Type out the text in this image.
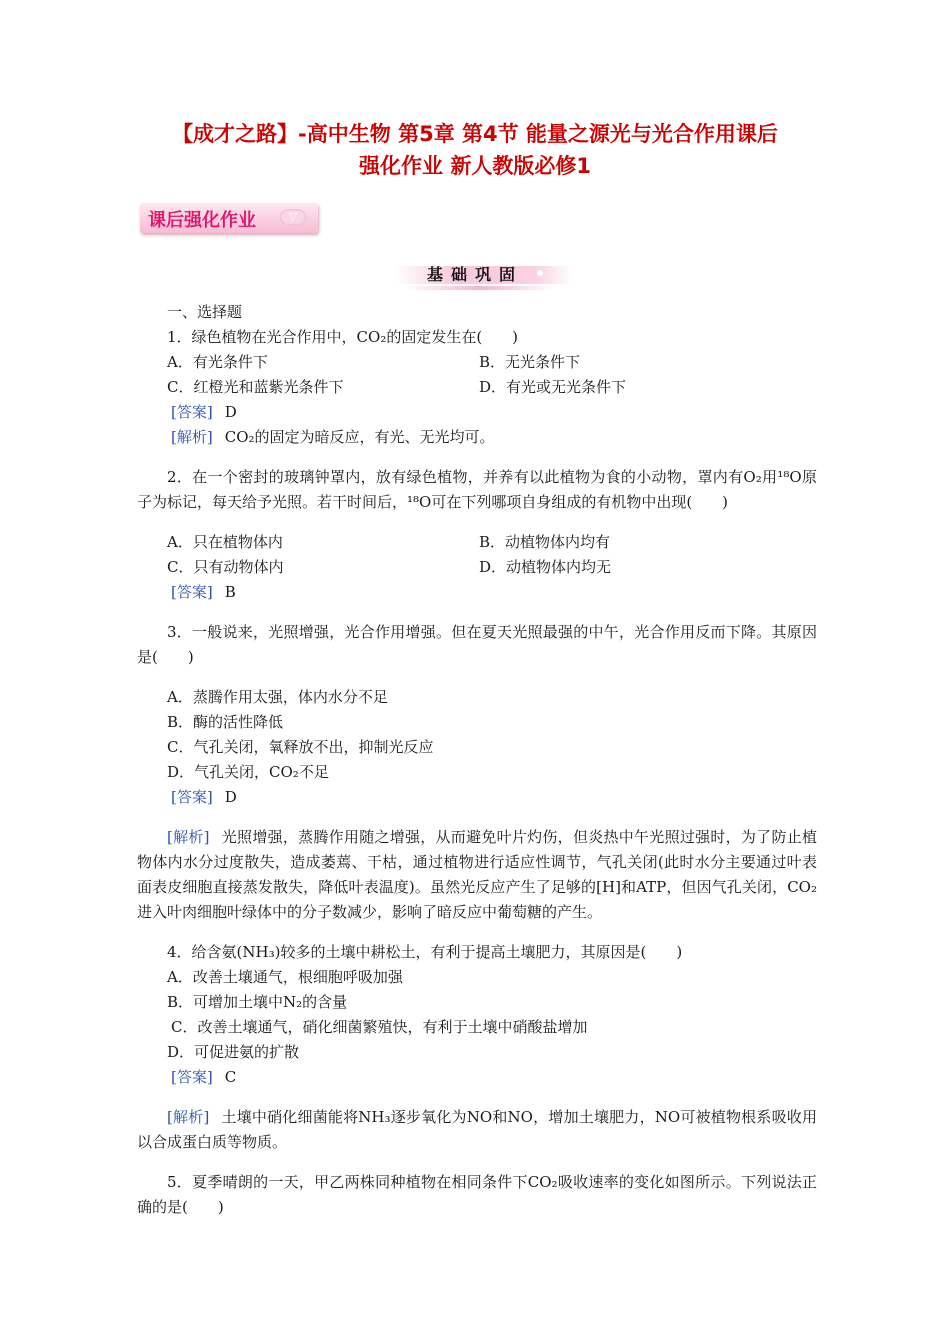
【成才之路】-高中生物 第5章 第4节 能量之源光与光合作用课后
强化作业 新人教版必修1
课后强化作业	▽
基础巩固

一、选择题

1．绿色植物在光合作用中，CO₂的固定发生在(　　)

A．有光条件下	B．无光条件下
C．红橙光和蓝紫光条件下	D．有光或无光条件下

[答案] D

[解析] CO₂的固定为暗反应，有光、无光均可。

2．在一个密封的玻璃钟罩内，放有绿色植物，并养有以此植物为食的小动物，罩内有O₂用¹⁸O原子为标记，每天给予光照。若干时间后，¹⁸O可在下列哪项自身组成的有机物中出现(　　)

A．只在植物体内	B．动植物体内均有
C．只有动物体内	D．动植物体内均无

[答案] B

3．一般说来，光照增强，光合作用增强。但在夏天光照最强的中午，光合作用反而下降。其原因是(　　)

A．蒸腾作用太强，体内水分不足

B．酶的活性降低

C．气孔关闭，氧释放不出，抑制光反应

D．气孔关闭，CO₂不足

[答案] D

[解析] 光照增强，蒸腾作用随之增强，从而避免叶片灼伤，但炎热中午光照过强时，为了防止植物体内水分过度散失，造成萎蔫、干枯，通过植物进行适应性调节，气孔关闭(此时水分主要通过叶表面表皮细胞直接蒸发散失，降低叶表温度)。虽然光反应产生了足够的[H]和ATP，但因气孔关闭，CO₂进入叶肉细胞叶绿体中的分子数减少，影响了暗反应中葡萄糖的产生。

4．给含氨(NH₃)较多的土壤中耕松土，有利于提高土壤肥力，其原因是(　　)

A．改善土壤通气，根细胞呼吸加强

B．可增加土壤中N₂的含量

C．改善土壤通气，硝化细菌繁殖快，有利于土壤中硝酸盐增加

D．可促进氨的扩散

[答案] C

[解析] 土壤中硝化细菌能将NH₃逐步氧化为NO和NO，增加土壤肥力，NO可被植物根系吸收用以合成蛋白质等物质。

5．夏季晴朗的一天，甲乙两株同种植物在相同条件下CO₂吸收速率的变化如图所示。下列说法正确的是(　　)
